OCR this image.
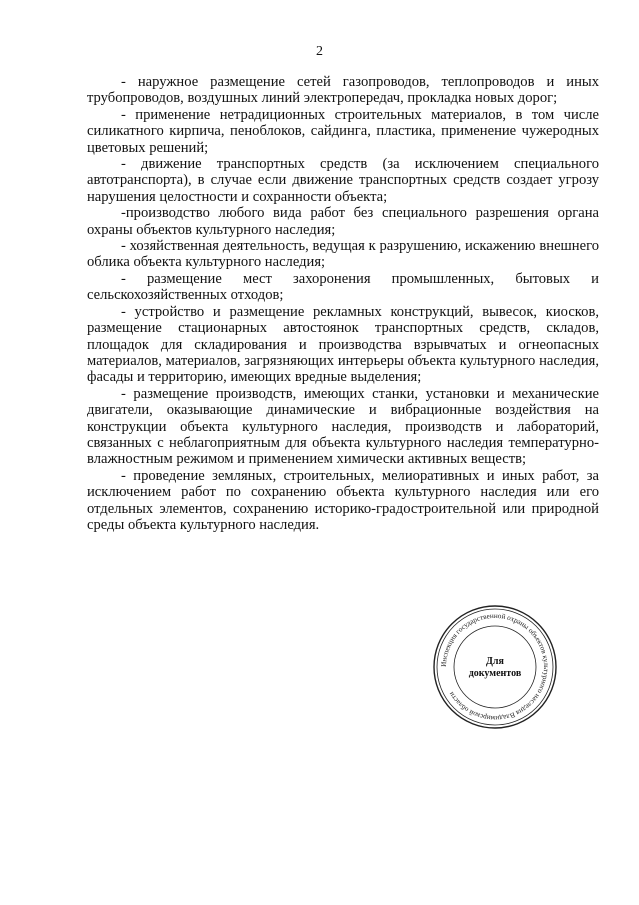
2

- наружное размещение сетей газопроводов, теплопроводов и иных трубопроводов, воздушных линий электропередач, прокладка новых дорог;

- применение нетрадиционных строительных материалов, в том числе силикатного кирпича, пеноблоков, сайдинга, пластика, применение чужеродных цветовых решений;

- движение транспортных средств (за исключением специального автотранспорта), в случае если движение транспортных средств создает угрозу нарушения целостности и сохранности объекта;

-производство любого вида работ без специального разрешения органа охраны объектов культурного наследия;

- хозяйственная деятельность, ведущая к разрушению, искажению внешнего облика объекта культурного наследия;

- размещение мест захоронения промышленных, бытовых и сельскохозяйственных отходов;

- устройство и размещение рекламных конструкций, вывесок, киосков, размещение стационарных автостоянок транспортных средств, складов, площадок для складирования и производства взрывчатых и огнеопасных материалов, материалов, загрязняющих интерьеры объекта культурного наследия, фасады и территорию, имеющих вредные выделения;

- размещение производств, имеющих станки, установки и механические двигатели, оказывающие динамические и вибрационные воздействия на конструкции объекта культурного наследия, производств и лабораторий, связанных с неблагоприятным для объекта культурного наследия температурно-влажностным режимом и применением химически активных веществ;

- проведение земляных, строительных, мелиоративных и иных работ, за исключением работ по сохранению объекта культурного наследия или его отдельных элементов, сохранению историко-градостроительной или природной среды объекта культурного наследия.

Инспекция государственной охраны объектов культурного наследия Владимирской области
Для
документов
